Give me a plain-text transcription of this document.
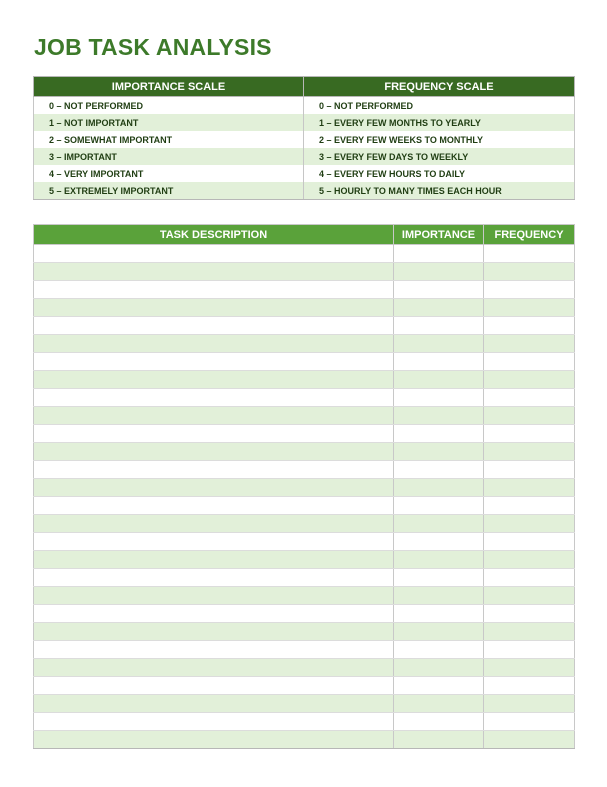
JOB TASK ANALYSIS
IMPORTANCE SCALE	FREQUENCY SCALE
0 – NOT PERFORMED	0 – NOT PERFORMED
1 – NOT IMPORTANT	1 – EVERY FEW MONTHS TO YEARLY
2 – SOMEWHAT IMPORTANT	2 – EVERY FEW WEEKS TO MONTHLY
3 – IMPORTANT	3 – EVERY FEW DAYS TO WEEKLY
4 – VERY IMPORTANT	4 – EVERY FEW HOURS TO DAILY
5 – EXTREMELY IMPORTANT	5 – HOURLY TO MANY TIMES EACH HOUR
TASK DESCRIPTION	IMPORTANCE	FREQUENCY
